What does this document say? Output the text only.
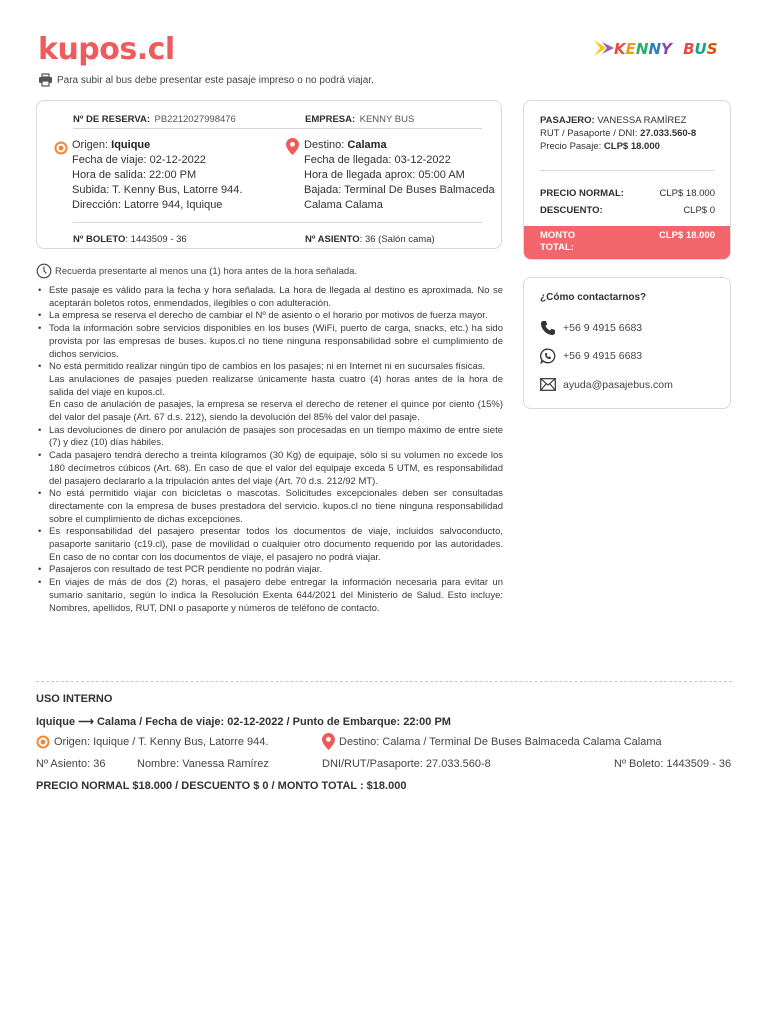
kupos.cl	KENNY BUS
Para subir al bus debe presentar este pasaje impreso o no podrá viajar.
Nº DE RESERVA: PB2212027998476	EMPRESA: KENNY BUS
Origen: Iquique
Fecha de viaje: 02-12-2022
Hora de salida: 22:00 PM
Subida: T. Kenny Bus, Latorre 944.
Dirección: Latorre 944, Iquique
Destino: Calama
Fecha de llegada: 03-12-2022
Hora de llegada aprox: 05:00 AM
Bajada: Terminal De Buses Balmaceda
Calama Calama
Nº BOLETO: 1443509 - 36	Nº ASIENTO: 36 (Salón cama)
PASAJERO: VANESSA RAMÍREZ
RUT / Pasaporte / DNI: 27.033.560-8
Precio Pasaje: CLP$ 18.000
PRECIO NORMAL:	CLP$ 18.000
DESCUENTO:	CLP$ 0
MONTO TOTAL:
CLP$ 18.000
¿Cómo contactarnos?
+56 9 4915 6683
+56 9 4915 6683
ayuda@pasajebus.com
Recuerda presentarte al menos una (1) hora antes de la hora señalada.
• Este pasaje es válido para la fecha y hora señalada. La hora de llegada al destino es aproximada. No se aceptarán boletos rotos, enmendados, ilegibles o con adulteración.
• La empresa se reserva el derecho de cambiar el Nº de asiento o el horario por motivos de fuerza mayor.
• Toda la información sobre servicios disponibles en los buses (WiFi, puerto de carga, snacks, etc.) ha sido provista por las empresas de buses. kupos.cl no tiene ninguna responsabilidad sobre el cumplimiento de dichos servicios.
• No está permitido realizar ningún tipo de cambios en los pasajes; ni en Internet ni en sucursales físicas.
Las anulaciones de pasajes pueden realizarse únicamente hasta cuatro (4) horas antes de la hora de salida del viaje en kupos.cl.
En caso de anulación de pasajes, la empresa se reserva el derecho de retener el quince por ciento (15%) del valor del pasaje (Art. 67 d.s. 212), siendo la devolución del 85% del valor del pasaje.
• Las devoluciones de dinero por anulación de pasajes son procesadas en un tiempo máximo de entre siete (7) y diez (10) días hábiles.
• Cada pasajero tendrá derecho a treinta kilogramos (30 Kg) de equipaje, sólo si su volumen no excede los 180 decímetros cúbicos (Art. 68). En caso de que el valor del equipaje exceda 5 UTM, es responsabilidad del pasajero declararlo a la tripulación antes del viaje (Art. 70 d.s. 212/92 MT).
• No está permitido viajar con bicicletas o mascotas. Solicitudes excepcionales deben ser consultadas directamente con la empresa de buses prestadora del servicio. kupos.cl no tiene ninguna responsabilidad sobre el cumplimiento de dichas excepciones.
• Es responsabilidad del pasajero presentar todos los documentos de viaje, incluidos salvoconducto, pasaporte sanitario (c19.cl), pase de movilidad o cualquier otro documento requerido por las autoridades. En caso de no contar con los documentos de viaje, el pasajero no podrá viajar.
• Pasajeros con resultado de test PCR pendiente no podrán viajar.
• En viajes de más de dos (2) horas, el pasajero debe entregar la información necesaria para evitar un sumario sanitario, según lo indica la Resolución Exenta 644/2021 del Ministerio de Salud. Esto incluye: Nombres, apellidos, RUT, DNI o pasaporte y números de teléfono de contacto.
USO INTERNO
Iquique ⟶ Calama / Fecha de viaje: 02-12-2022 / Punto de Embarque: 22:00 PM
Origen: Iquique / T. Kenny Bus, Latorre 944.	Destino: Calama / Terminal De Buses Balmaceda Calama Calama
Nº Asiento: 36	Nombre: Vanessa Ramírez	DNI/RUT/Pasaporte: 27.033.560-8	Nº Boleto: 1443509 - 36
PRECIO NORMAL $18.000 / DESCUENTO $ 0 / MONTO TOTAL : $18.000
